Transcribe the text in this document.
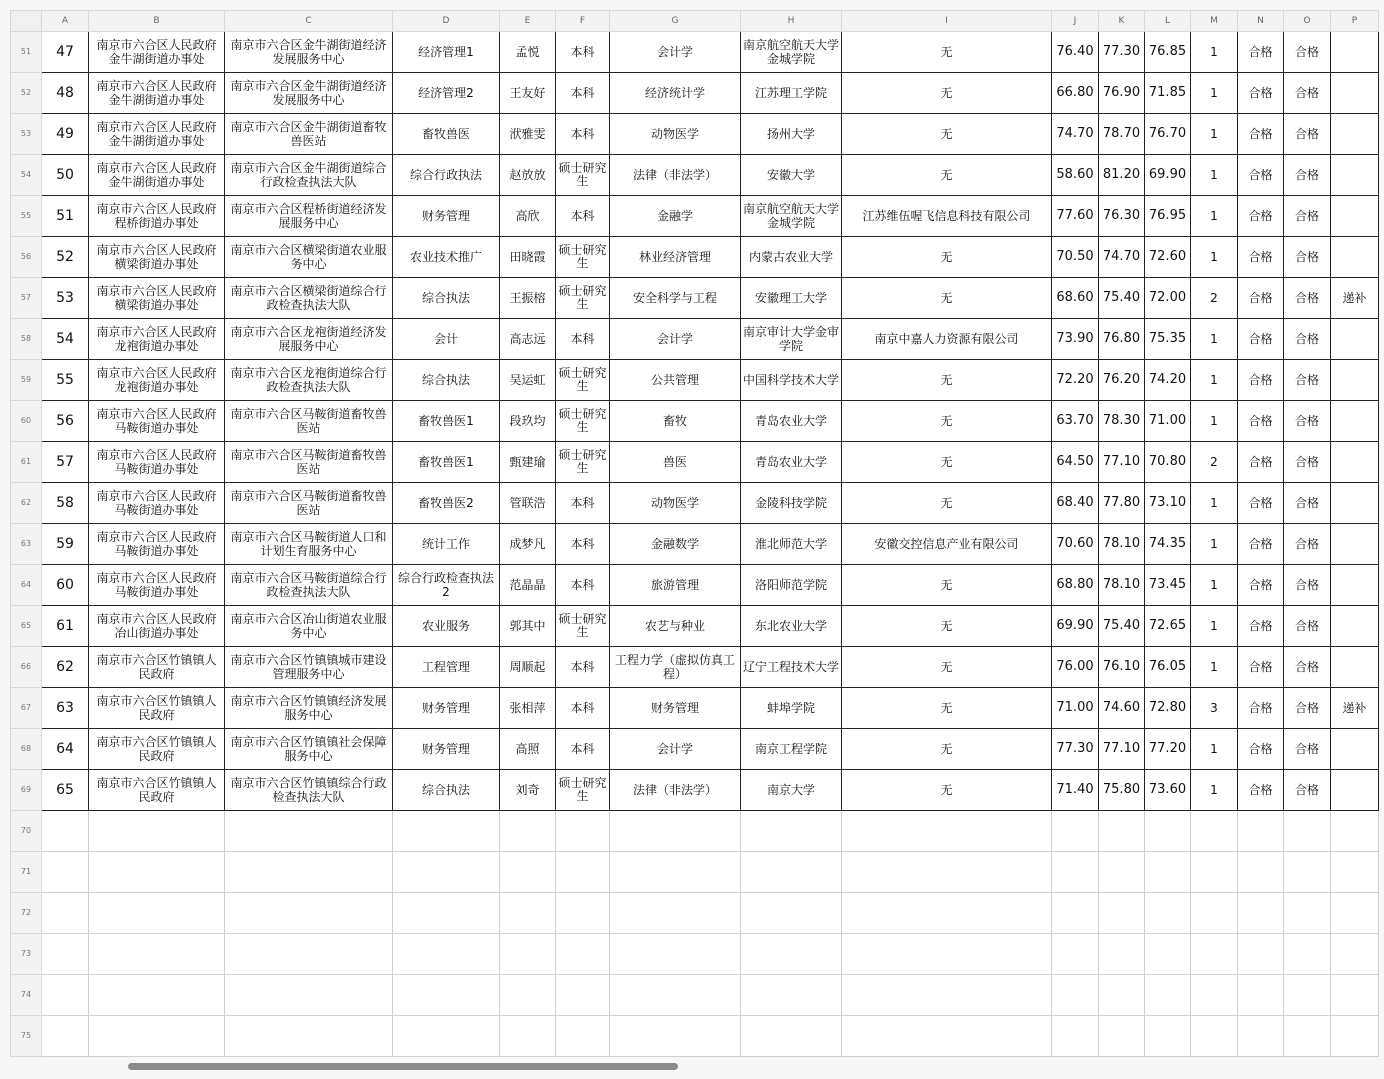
	A	B	C	D	E	F	G	H	I	J	K	L	M	N	O	P
51	47	南京市六合区人民政府金牛湖街道办事处	南京市六合区金牛湖街道经济发展服务中心	经济管理1	孟悦	本科	会计学	南京航空航天大学金城学院	无	76.40	77.30	76.85	1	合格	合格	
52	48	南京市六合区人民政府金牛湖街道办事处	南京市六合区金牛湖街道经济发展服务中心	经济管理2	王友好	本科	经济统计学	江苏理工学院	无	66.80	76.90	71.85	1	合格	合格	
53	49	南京市六合区人民政府金牛湖街道办事处	南京市六合区金牛湖街道畜牧兽医站	畜牧兽医	洑雅雯	本科	动物医学	扬州大学	无	74.70	78.70	76.70	1	合格	合格	
54	50	南京市六合区人民政府金牛湖街道办事处	南京市六合区金牛湖街道综合行政检查执法大队	综合行政执法	赵放放	硕士研究生	法律（非法学）	安徽大学	无	58.60	81.20	69.90	1	合格	合格	
55	51	南京市六合区人民政府程桥街道办事处	南京市六合区程桥街道经济发展服务中心	财务管理	高欣	本科	金融学	南京航空航天大学金城学院	江苏维伍喔飞信息科技有限公司	77.60	76.30	76.95	1	合格	合格	
56	52	南京市六合区人民政府横梁街道办事处	南京市六合区横梁街道农业服务中心	农业技术推广	田晓霞	硕士研究生	林业经济管理	内蒙古农业大学	无	70.50	74.70	72.60	1	合格	合格	
57	53	南京市六合区人民政府横梁街道办事处	南京市六合区横梁街道综合行政检查执法大队	综合执法	王振榕	硕士研究生	安全科学与工程	安徽理工大学	无	68.60	75.40	72.00	2	合格	合格	递补
58	54	南京市六合区人民政府龙袍街道办事处	南京市六合区龙袍街道经济发展服务中心	会计	高志远	本科	会计学	南京审计大学金审学院	南京中嘉人力资源有限公司	73.90	76.80	75.35	1	合格	合格	
59	55	南京市六合区人民政府龙袍街道办事处	南京市六合区龙袍街道综合行政检查执法大队	综合执法	吴运虹	硕士研究生	公共管理	中国科学技术大学	无	72.20	76.20	74.20	1	合格	合格	
60	56	南京市六合区人民政府马鞍街道办事处	南京市六合区马鞍街道畜牧兽医站	畜牧兽医1	段玖均	硕士研究生	畜牧	青岛农业大学	无	63.70	78.30	71.00	1	合格	合格	
61	57	南京市六合区人民政府马鞍街道办事处	南京市六合区马鞍街道畜牧兽医站	畜牧兽医1	甄建瑜	硕士研究生	兽医	青岛农业大学	无	64.50	77.10	70.80	2	合格	合格	
62	58	南京市六合区人民政府马鞍街道办事处	南京市六合区马鞍街道畜牧兽医站	畜牧兽医2	管联浩	本科	动物医学	金陵科技学院	无	68.40	77.80	73.10	1	合格	合格	
63	59	南京市六合区人民政府马鞍街道办事处	南京市六合区马鞍街道人口和计划生育服务中心	统计工作	成梦凡	本科	金融数学	淮北师范大学	安徽交控信息产业有限公司	70.60	78.10	74.35	1	合格	合格	
64	60	南京市六合区人民政府马鞍街道办事处	南京市六合区马鞍街道综合行政检查执法大队	综合行政检查执法2	范晶晶	本科	旅游管理	洛阳师范学院	无	68.80	78.10	73.45	1	合格	合格	
65	61	南京市六合区人民政府冶山街道办事处	南京市六合区冶山街道农业服务中心	农业服务	郭其中	硕士研究生	农艺与种业	东北农业大学	无	69.90	75.40	72.65	1	合格	合格	
66	62	南京市六合区竹镇镇人民政府	南京市六合区竹镇镇城市建设管理服务中心	工程管理	周顺起	本科	工程力学（虚拟仿真工程）	辽宁工程技术大学	无	76.00	76.10	76.05	1	合格	合格	
67	63	南京市六合区竹镇镇人民政府	南京市六合区竹镇镇经济发展服务中心	财务管理	张相萍	本科	财务管理	蚌埠学院	无	71.00	74.60	72.80	3	合格	合格	递补
68	64	南京市六合区竹镇镇人民政府	南京市六合区竹镇镇社会保障服务中心	财务管理	高照	本科	会计学	南京工程学院	无	77.30	77.10	77.20	1	合格	合格	
69	65	南京市六合区竹镇镇人民政府	南京市六合区竹镇镇综合行政检查执法大队	综合执法	刘奇	硕士研究生	法律（非法学）	南京大学	无	71.40	75.80	73.60	1	合格	合格	
70																
71																
72																
73																
74																
75																
